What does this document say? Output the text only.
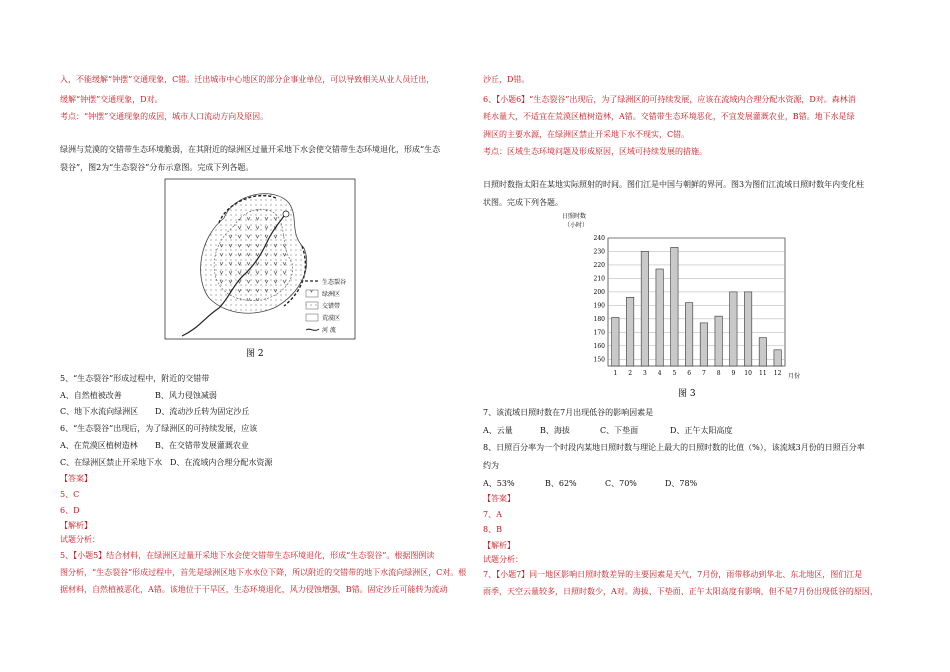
入，不能缓解“钟摆”交通现象，C错。迁出城市中心地区的部分企事业单位，可以导致相关从业人员迁出，
缓解“钟摆”交通现象，D对。
考点：“钟摆”交通现象的成因，城市人口流动方向及原因。
绿洲与荒漠的交错带生态环境脆弱，在其附近的绿洲区过量开采地下水会使交错带生态环境退化，形成“生态
裂谷”，图2为“生态裂谷”分布示意图。完成下列各题。
生态裂谷
绿洲区
交错带
荒漠区
河 流
图 2
5、“生态裂谷”形成过程中，附近的交错带
A、自然植被改善	B、风力侵蚀减弱
C、地下水流向绿洲区 D、流动沙丘转为固定沙丘
6、“生态裂谷”出现后，为了绿洲区的可持续发展，应该
A、在荒漠区植树造林 B、在交错带发展灌溉农业
C、在绿洲区禁止开采地下水 D、在流域内合理分配水资源
【答案】
5、C
6、D
【解析】
试题分析：
5、【小题5】结合材料，在绿洲区过量开采地下水会使交错带生态环境退化，形成“生态裂谷”。根据图例读
图分析，“生态裂谷”形成过程中，首先是绿洲区地下水水位下降，所以附近的交错带的地下水流向绿洲区，C对。根
据材料，自然植被恶化，A错。该地位于干旱区，生态环境退化，风力侵蚀增强，B错。固定沙丘可能转为流动
沙丘，D错。
6、【小题6】“生态裂谷”出现后，为了绿洲区的可持续发展，应该在流域内合理分配水资源，D对。森林消
耗水量大，不适宜在荒漠区植树造林，A错。交错带生态环境恶化，不宜发展灌溉农业，B错。地下水是绿
洲区的主要水源，在绿洲区禁止开采地下水不现实，C错。
考点：区域生态环境问题及形成原因，区域可持续发展的措施。
日照时数指太阳在某地实际照射的时间。图们江是中国与朝鲜的界河。图3为图们江流域日照时数年内变化柱
状图。完成下列各题。
日照时数
（小时）
月份
图 3
150
160
170
180
190
200
210
220
230
240
1 2 3 4 5 6 7 8 9 10 11 12
7、该流域日照时数在7月出现低谷的影响因素是
A、云量	B、海拔	C、下垫面	D、正午太阳高度
8、日照百分率为一个时段内某地日照时数与理论上最大的日照时数的比值（%），该流域3月份的日照百分率
约为
A、53%	B、62%	C、70%	D、78%
【答案】
7、A
8、B
【解析】
试题分析：
7、【小题7】同一地区影响日照时数差异的主要因素是天气，7月份，雨带移动到华北、东北地区，图们江是
雨季，天空云量较多，日照时数少，A对。海拔、下垫面、正午太阳高度有影响，但不是7月份出现低谷的原因，
